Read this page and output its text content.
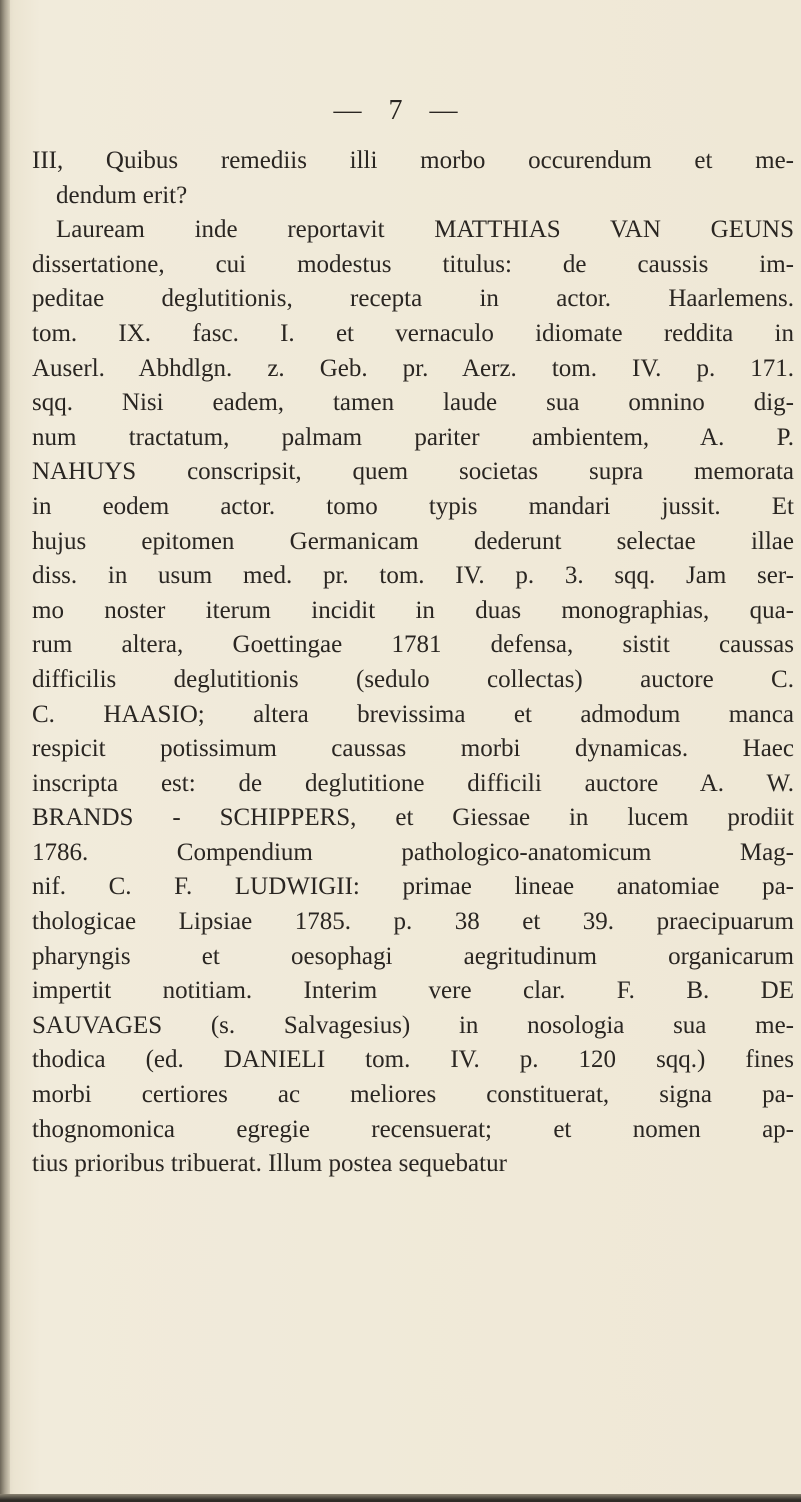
— 7 —
III, Quibus remediis illi morbo occurendum et me-
dendum erit?
Lauream inde reportavit MATTHIAS VAN GEUNS
dissertatione, cui modestus titulus: de caussis im-
peditae deglutitionis, recepta in actor. Haarlemens.
tom. IX. fasc. I. et vernaculo idiomate reddita in
Auserl. Abhdlgn. z. Geb. pr. Aerz. tom. IV. p. 171.
sqq. Nisi eadem, tamen laude sua omnino dig-
num tractatum, palmam pariter ambientem, A. P.
NAHUYS conscripsit, quem societas supra memorata
in eodem actor. tomo typis mandari jussit. Et
hujus epitomen Germanicam dederunt selectae illae
diss. in usum med. pr. tom. IV. p. 3. sqq. Jam ser-
mo noster iterum incidit in duas monographias, qua-
rum altera, Goettingae 1781 defensa, sistit caussas
difficilis deglutitionis (sedulo collectas) auctore C.
C. HAASIO; altera brevissima et admodum manca
respicit potissimum caussas morbi dynamicas. Haec
inscripta est: de deglutitione difficili auctore A. W.
BRANDS - SCHIPPERS, et Giessae in lucem prodiit
1786. Compendium pathologico-anatomicum Mag-
nif. C. F. LUDWIGII: primae lineae anatomiae pa-
thologicae Lipsiae 1785. p. 38 et 39. praecipuarum
pharyngis et oesophagi aegritudinum organicarum
impertit notitiam. Interim vere clar. F. B. DE
SAUVAGES (s. Salvagesius) in nosologia sua me-
thodica (ed. DANIELI tom. IV. p. 120 sqq.) fines
morbi certiores ac meliores constituerat, signa pa-
thognomonica egregie recensuerat; et nomen ap-
tius prioribus tribuerat. Illum postea sequebatur
